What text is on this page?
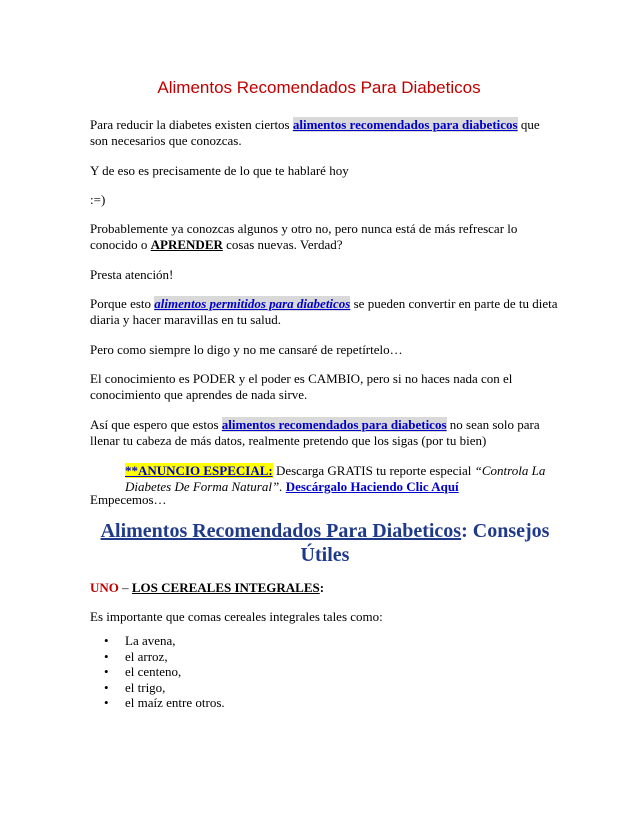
Alimentos Recomendados Para Diabeticos

Para reducir la diabetes existen ciertos alimentos recomendados para diabeticos que son necesarios que conozcas.

Y de eso es precisamente de lo que te hablaré hoy

:=)

Probablemente ya conozcas algunos y otro no, pero nunca está de más refrescar lo conocido o APRENDER cosas nuevas. Verdad?

Presta atención!

Porque esto alimentos permitidos para diabeticos se pueden convertir en parte de tu dieta diaria y hacer maravillas en tu salud.

Pero como siempre lo digo y no me cansaré de repetírtelo…

El conocimiento es PODER y el poder es CAMBIO, pero si no haces nada con el conocimiento que aprendes de nada sirve.

Así que espero que estos alimentos recomendados para diabeticos no sean solo para llenar tu cabeza de más datos, realmente pretendo que los sigas (por tu bien)

**ANUNCIO ESPECIAL: Descarga GRATIS tu reporte especial “Controla La Diabetes De Forma Natural”. Descárgalo Haciendo Clic Aquí

Empecemos…

Alimentos Recomendados Para Diabeticos: Consejos Útiles

UNO – LOS CEREALES INTEGRALES:

Es importante que comas cereales integrales tales como:

• La avena,
• el arroz,
• el centeno,
• el trigo,
• el maíz entre otros.
